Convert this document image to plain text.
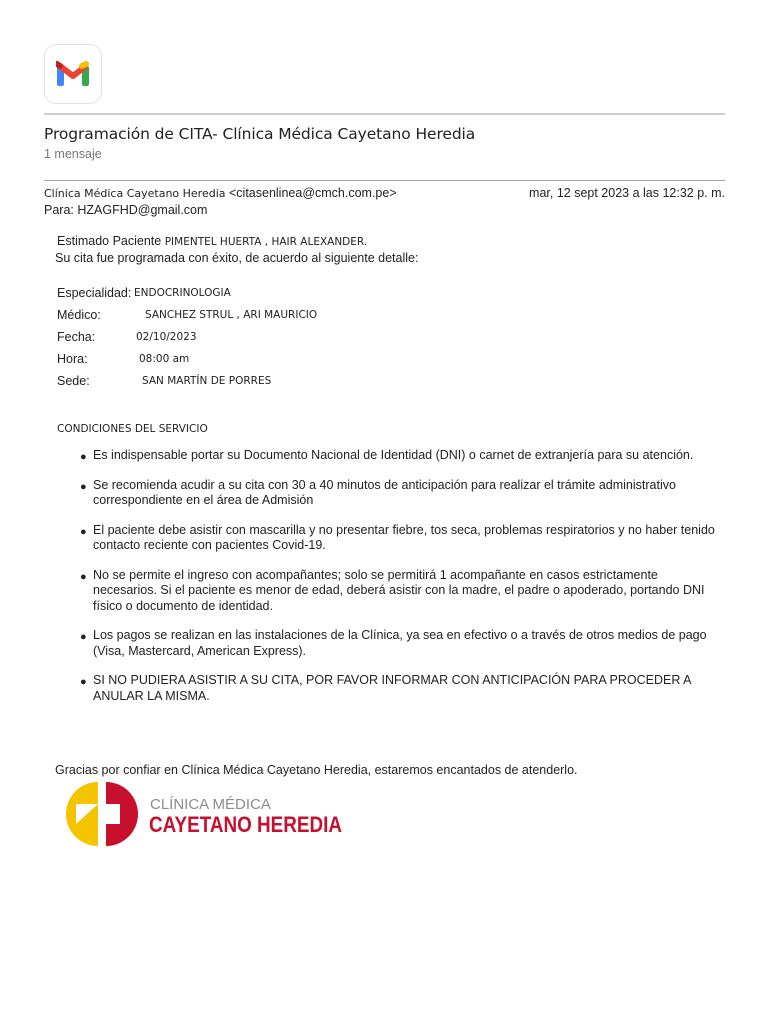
Programación de CITA- Clínica Médica Cayetano Heredia
1 mensaje
Clínica Médica Cayetano Heredia <citasenlinea@cmch.com.pe>	mar, 12 sept 2023 a las 12:32 p. m.
Para: HZAGFHD@gmail.com
Estimado Paciente PIMENTEL HUERTA , HAIR ALEXANDER.
Su cita fue programada con éxito, de acuerdo al siguiente detalle:
Especialidad: ENDOCRINOLOGIA
Médico:	SANCHEZ STRUL , ARI MAURICIO
Fecha:	02/10/2023
Hora:	08:00 am
Sede:	SAN MARTÍN DE PORRES
CONDICIONES DEL SERVICIO
● Es indispensable portar su Documento Nacional de Identidad (DNI) o carnet de extranjería para su atención.
● Se recomienda acudir a su cita con 30 a 40 minutos de anticipación para realizar el trámite administrativo correspondiente en el área de Admisión
● El paciente debe asistir con mascarilla y no presentar fiebre, tos seca, problemas respiratorios y no haber tenido contacto reciente con pacientes Covid-19.
● No se permite el ingreso con acompañantes; solo se permitirá 1 acompañante en casos estrictamente necesarios. Si el paciente es menor de edad, deberá asistir con la madre, el padre o apoderado, portando DNI físico o documento de identidad.
● Los pagos se realizan en las instalaciones de la Clínica, ya sea en efectivo o a través de otros medios de pago (Visa, Mastercard, American Express).
● SI NO PUDIERA ASISTIR A SU CITA, POR FAVOR INFORMAR CON ANTICIPACIÓN PARA PROCEDER A ANULAR LA MISMA.
Gracias por confiar en Clínica Médica Cayetano Heredia, estaremos encantados de atenderlo.
CLÍNICA MÉDICA
CAYETANO HEREDIA
